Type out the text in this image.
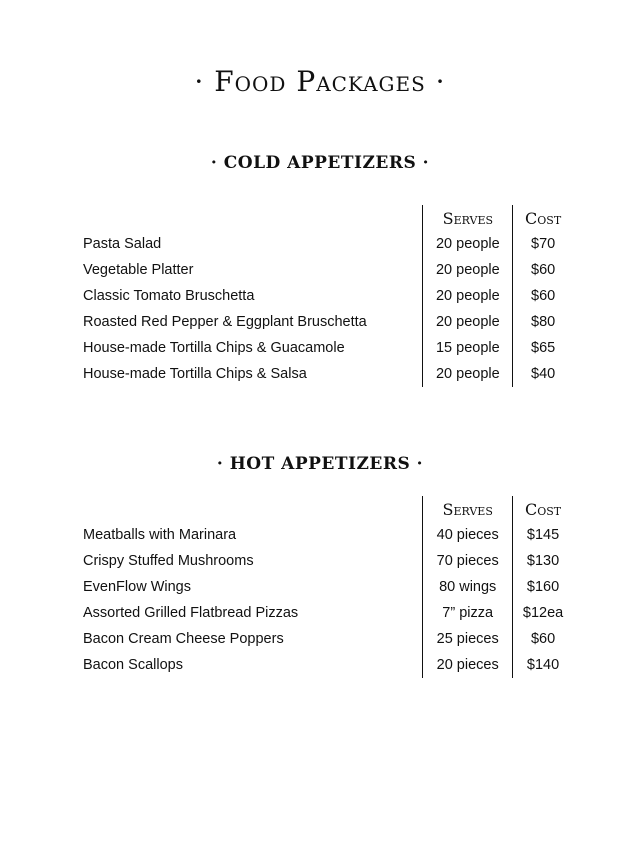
· Food Packages ·
· COLD APPETIZERS ·
	Serves	Cost
Pasta Salad	20 people	$70
Vegetable Platter	20 people	$60
Classic Tomato Bruschetta	20 people	$60
Roasted Red Pepper & Eggplant Bruschetta	20 people	$80
House-made Tortilla Chips & Guacamole	15 people	$65
House-made Tortilla Chips & Salsa	20 people	$40
· HOT APPETIZERS ·
	Serves	Cost
Meatballs with Marinara	40 pieces	$145
Crispy Stuffed Mushrooms	70 pieces	$130
EvenFlow Wings	80 wings	$160
Assorted Grilled Flatbread Pizzas	7” pizza	$12ea
Bacon Cream Cheese Poppers	25 pieces	$60
Bacon Scallops	20 pieces	$140
